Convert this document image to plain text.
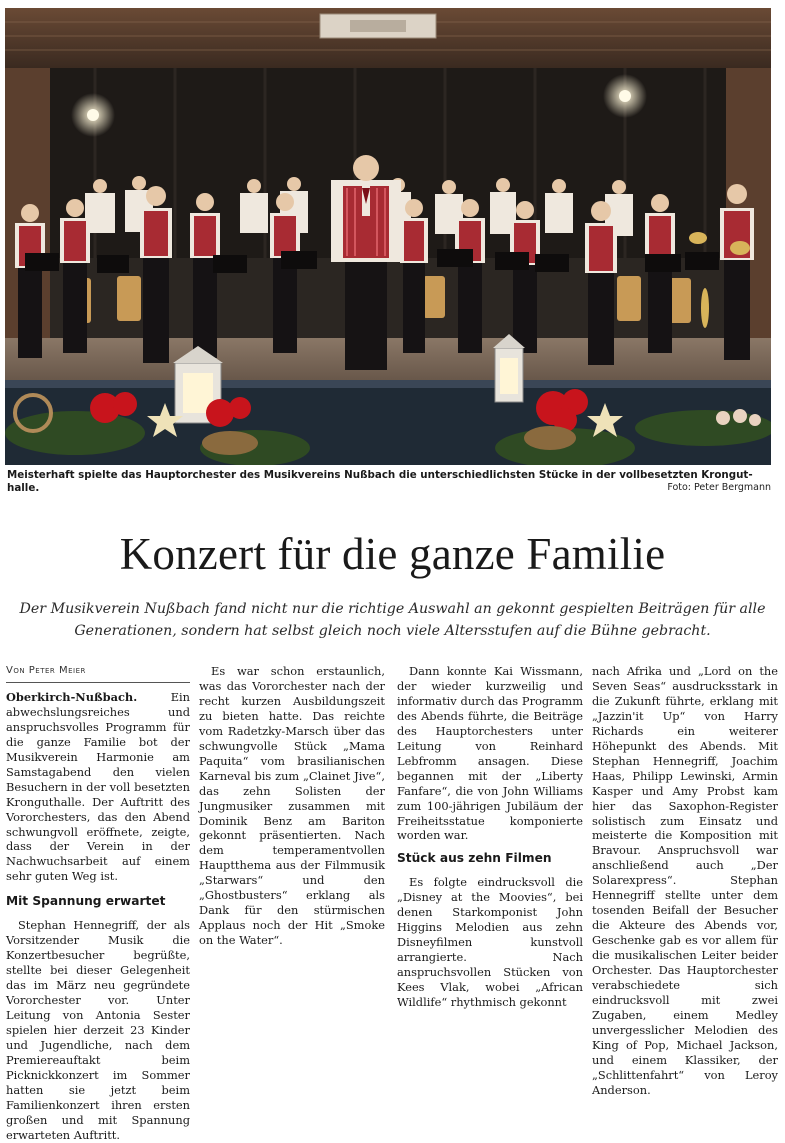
Meisterhaft spielte das Hauptorchester des Musikvereins Nußbach die unterschiedlichsten Stücke in der vollbesetzten Krongut-halle.	Foto: Peter Bergmann
Konzert für die ganze Familie
Der Musikverein Nußbach fand nicht nur die richtige Auswahl an gekonnt gespielten Beiträgen für alle Generationen, sondern hat selbst gleich noch viele Altersstufen auf die Bühne gebracht.
Von Peter Meier

Oberkirch-Nußbach. Ein abwechslungsreiches und anspruchsvolles Programm für die ganze Familie bot der Musikverein Harmonie am Samstagabend den vielen Besuchern in der voll besetzten Kronguthalle. Der Auftritt des Vororchesters, das den Abend schwungvoll eröffnete, zeigte, dass der Verein in der Nachwuchsarbeit auf einem sehr guten Weg ist.

Mit Spannung erwartet

Stephan Hennegriff, der als Vorsitzender Musik die Konzertbesucher begrüßte, stellte bei dieser Gelegenheit das im März neu gegründete Vororchester vor. Unter Leitung von Antonia Sester spielen hier derzeit 23 Kinder und Jugendliche, nach dem Premiereauftakt beim Picknickkonzert im Sommer hatten sie jetzt beim Familienkonzert ihren ersten großen und mit Spannung erwarteten Auftritt.

Es war schon erstaunlich, was das Vororchester nach der recht kurzen Ausbildungszeit zu bieten hatte. Das reichte vom Radetzky-Marsch über das schwungvolle Stück „Mama Paquita“ vom brasilianischen Karneval bis zum „Clainet Jive“, das zehn Solisten der Jungmusiker zusammen mit Dominik Benz am Bariton gekonnt präsentierten. Nach dem temperamentvollen Hauptthema aus der Filmmusik „Starwars“ und den „Ghostbusters“ erklang als Dank für den stürmischen Applaus noch der Hit „Smoke on the Water“.

Dann konnte Kai Wissmann, der wieder kurzweilig und informativ durch das Programm des Abends führte, die Beiträge des Hauptorchesters unter Leitung von Reinhard Lebfromm ansagen. Diese begannen mit der „Liberty Fanfare“, die von John Williams zum 100-jährigen Jubiläum der Freiheitsstatue komponierte worden war.

Stück aus zehn Filmen

Es folgte eindrucksvoll die „Disney at the Moovies“, bei denen Starkomponist John Higgins Melodien aus zehn Disneyfilmen kunstvoll arrangierte. Nach anspruchsvollen Stücken von Kees Vlak, wobei „African Wildlife“ rhythmisch gekonnt

nach Afrika und „Lord on the Seven Seas“ ausdrucksstark in die Zukunft führte, erklang mit „Jazzin'it Up“ von Harry Richards ein weiterer Höhepunkt des Abends. Mit Stephan Hennegriff, Joachim Haas, Philipp Lewinski, Armin Kasper und Amy Probst kam hier das Saxophon-Register solistisch zum Einsatz und meisterte die Komposition mit Bravour. Anspruchsvoll war anschließend auch „Der Solarexpress“. Stephan Hennegriff stellte unter dem tosenden Beifall der Besucher die Akteure des Abends vor, Geschenke gab es vor allem für die musikalischen Leiter beider Orchester. Das Hauptorchester verabschiedete sich eindrucksvoll mit zwei Zugaben, einem Medley unvergesslicher Melodien des King of Pop, Michael Jackson, und einem Klassiker, der „Schlittenfahrt“ von Leroy Anderson.
